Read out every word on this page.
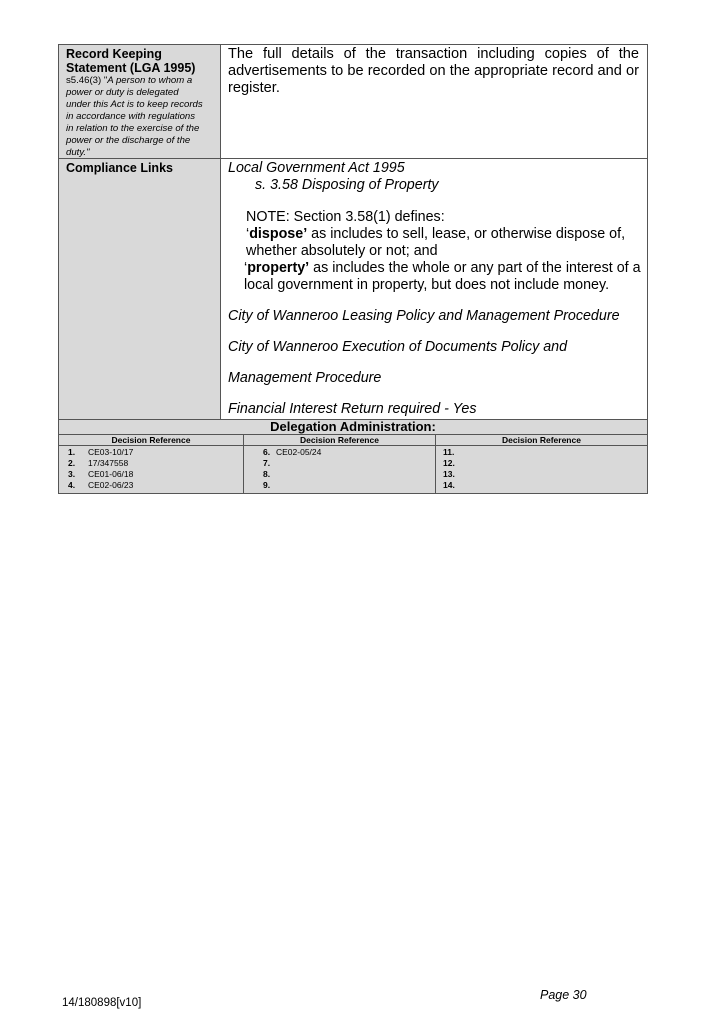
Record Keeping
Statement (LGA 1995)
s5.46(3) "A person to whom a
power or duty is delegated
under this Act is to keep records
in accordance with regulations
in relation to the exercise of the
power or the discharge of the
duty."
The full details of the transaction including copies of the advertisements to be recorded on the appropriate record and or register.
Compliance Links	Local Government Act 1995
s. 3.58 Disposing of Property
NOTE: Section 3.58(1) defines:
‘dispose’ as includes to sell, lease, or otherwise dispose of,
whether absolutely or not; and
‘property’ as includes the whole or any part of the interest of a
local government in property, but does not include money.
City of Wanneroo Leasing Policy and Management Procedure
City of Wanneroo Execution of Documents Policy and
Management Procedure
Financial Interest Return required - Yes
Delegation Administration:
Decision Reference
1. CE03-10/17
2. 17/347558
3. CE01-06/18
4. CE02-06/23
Decision Reference
6. CE02-05/24
7.
8.
9.
Decision Reference
11.
12.
13.
14.
14/180898[v10]
Page 30
